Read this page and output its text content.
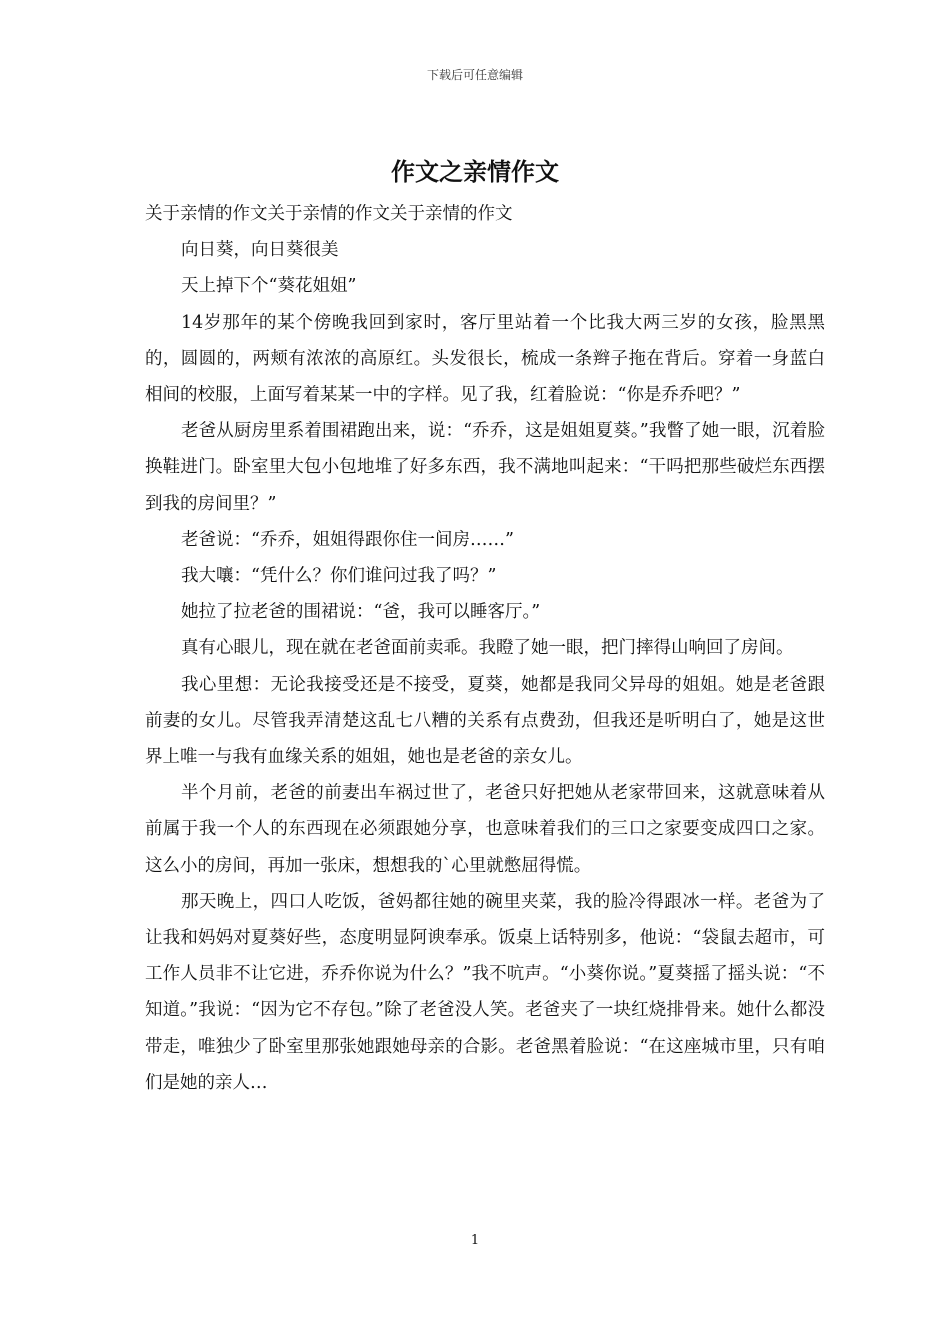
下载后可任意编辑
作文之亲情作文

关于亲情的作文关于亲情的作文关于亲情的作文

向日葵，向日葵很美

天上掉下个“葵花姐姐”

14岁那年的某个傍晚我回到家时，客厅里站着一个比我大两三岁的女孩，脸黑黑的，圆圆的，两颊有浓浓的高原红。头发很长，梳成一条辫子拖在背后。穿着一身蓝白相间的校服，上面写着某某一中的字样。见了我，红着脸说：“你是乔乔吧？”

老爸从厨房里系着围裙跑出来，说：“乔乔，这是姐姐夏葵。”我瞥了她一眼，沉着脸换鞋进门。卧室里大包小包地堆了好多东西，我不满地叫起来：“干吗把那些破烂东西摆到我的房间里？”

老爸说：“乔乔，姐姐得跟你住一间房……”

我大嚷：“凭什么？你们谁问过我了吗？”

她拉了拉老爸的围裙说：“爸，我可以睡客厅。”

真有心眼儿，现在就在老爸面前卖乖。我瞪了她一眼，把门摔得山响回了房间。

我心里想：无论我接受还是不接受，夏葵，她都是我同父异母的姐姐。她是老爸跟前妻的女儿。尽管我弄清楚这乱七八糟的关系有点费劲，但我还是听明白了，她是这世界上唯一与我有血缘关系的姐姐，她也是老爸的亲女儿。

半个月前，老爸的前妻出车祸过世了，老爸只好把她从老家带回来，这就意味着从前属于我一个人的东西现在必须跟她分享，也意味着我们的三口之家要变成四口之家。这么小的房间，再加一张床，想想我的`心里就憋屈得慌。

那天晚上，四口人吃饭，爸妈都往她的碗里夹菜，我的脸冷得跟冰一样。老爸为了让我和妈妈对夏葵好些，态度明显阿谀奉承。饭桌上话特别多，他说：“袋鼠去超市，可工作人员非不让它进，乔乔你说为什么？”我不吭声。“小葵你说。”夏葵摇了摇头说：“不知道。”我说：“因为它不存包。”除了老爸没人笑。老爸夹了一块红烧排骨来。她什么都没带走，唯独少了卧室里那张她跟她母亲的合影。老爸黑着脸说：“在这座城市里，只有咱们是她的亲人…

1
